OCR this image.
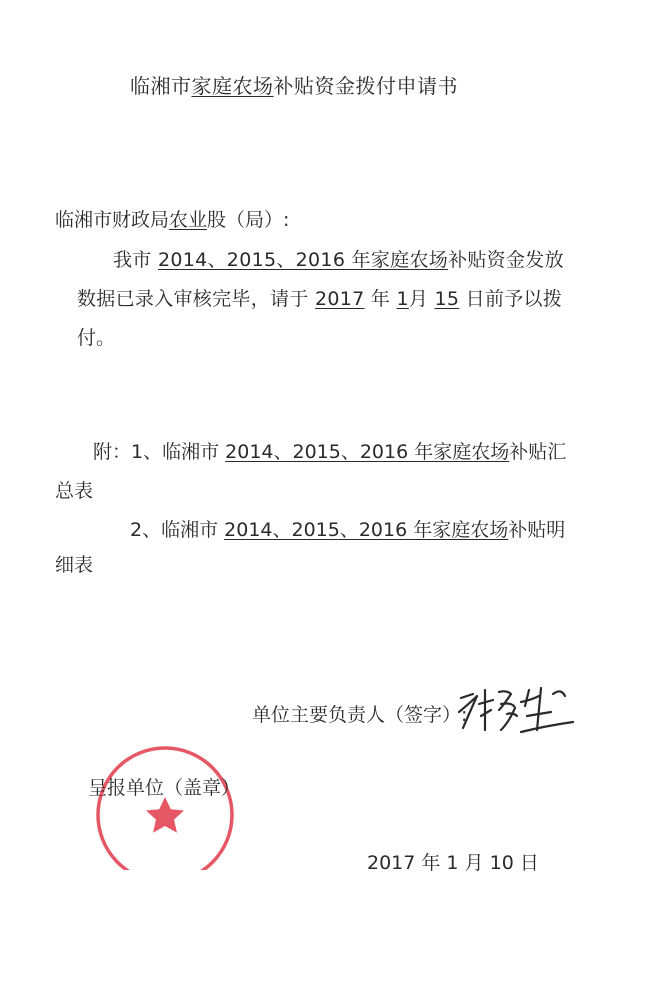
临湘市家庭农场补贴资金拨付申请书
临湘市财政局农业股（局）:
我市 2014、2015、2016 年家庭农场补贴资金发放
数据已录入审核完毕，请于 2017 年 1月 15 日前予以拨
付。
附：1、临湘市 2014、2015、2016 年家庭农场补贴汇
总表
2、临湘市 2014、2015、2016 年家庭农场补贴明
细表
单位主要负责人（签字）:
呈报单位（盖章）
2017 年 1 月 10 日
